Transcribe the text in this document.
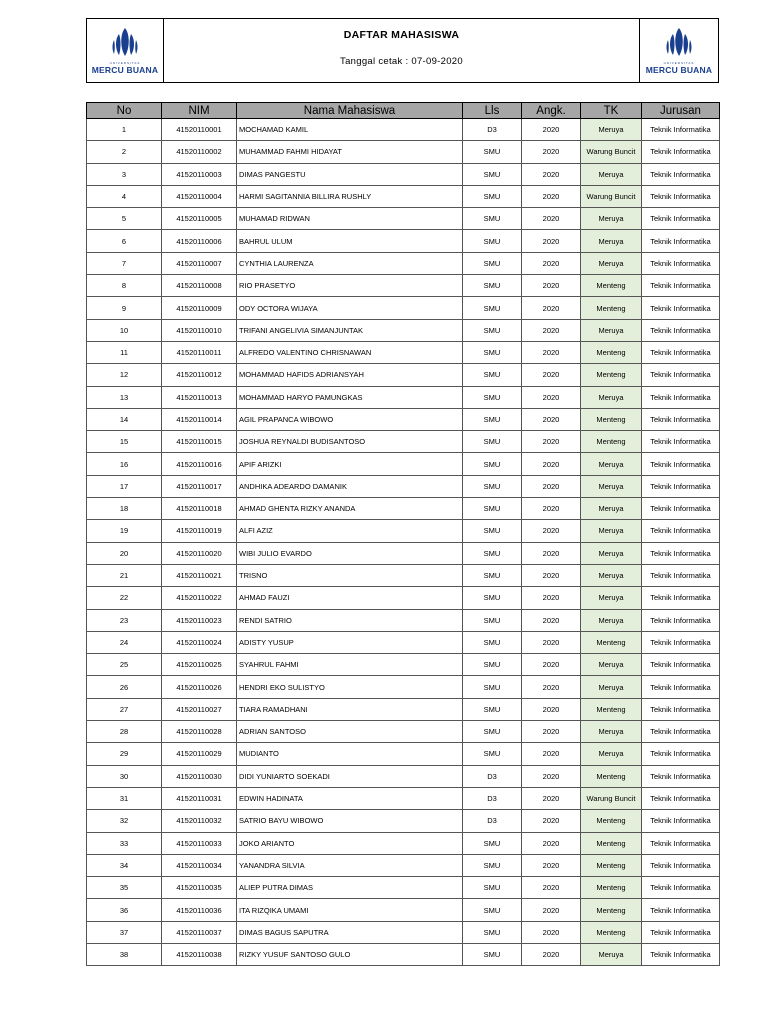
UNIVERSITAS
MERCU BUANA
DAFTAR MAHASISWA
Tanggal cetak : 07-09-2020	UNIVERSITAS
MERCU BUANA
No	NIM	Nama Mahasiswa	Lls	Angk.	TK	Jurusan
1	41520110001	MOCHAMAD KAMIL	D3	2020	Meruya	Teknik Informatika
2	41520110002	MUHAMMAD FAHMI HIDAYAT	SMU	2020	Warung Buncit	Teknik Informatika
3	41520110003	DIMAS PANGESTU	SMU	2020	Meruya	Teknik Informatika
4	41520110004	HARMI SAGITANNIA BILLIRA RUSHLY	SMU	2020	Warung Buncit	Teknik Informatika
5	41520110005	MUHAMAD RIDWAN	SMU	2020	Meruya	Teknik Informatika
6	41520110006	BAHRUL ULUM	SMU	2020	Meruya	Teknik Informatika
7	41520110007	CYNTHIA LAURENZA	SMU	2020	Meruya	Teknik Informatika
8	41520110008	RIO PRASETYO	SMU	2020	Menteng	Teknik Informatika
9	41520110009	ODY OCTORA WIJAYA	SMU	2020	Menteng	Teknik Informatika
10	41520110010	TRIFANI ANGELIVIA SIMANJUNTAK	SMU	2020	Meruya	Teknik Informatika
11	41520110011	ALFREDO VALENTINO CHRISNAWAN	SMU	2020	Menteng	Teknik Informatika
12	41520110012	MOHAMMAD HAFIDS ADRIANSYAH	SMU	2020	Menteng	Teknik Informatika
13	41520110013	MOHAMMAD HARYO PAMUNGKAS	SMU	2020	Meruya	Teknik Informatika
14	41520110014	AGIL PRAPANCA WIBOWO	SMU	2020	Menteng	Teknik Informatika
15	41520110015	JOSHUA REYNALDI BUDISANTOSO	SMU	2020	Menteng	Teknik Informatika
16	41520110016	APIF ARIZKI	SMU	2020	Meruya	Teknik Informatika
17	41520110017	ANDHIKA ADEARDO DAMANIK	SMU	2020	Meruya	Teknik Informatika
18	41520110018	AHMAD GHENTA RIZKY ANANDA	SMU	2020	Meruya	Teknik Informatika
19	41520110019	ALFI AZIZ	SMU	2020	Meruya	Teknik Informatika
20	41520110020	WIBI JULIO EVARDO	SMU	2020	Meruya	Teknik Informatika
21	41520110021	TRISNO	SMU	2020	Meruya	Teknik Informatika
22	41520110022	AHMAD FAUZI	SMU	2020	Meruya	Teknik Informatika
23	41520110023	RENDI SATRIO	SMU	2020	Meruya	Teknik Informatika
24	41520110024	ADISTY YUSUP	SMU	2020	Menteng	Teknik Informatika
25	41520110025	SYAHRUL FAHMI	SMU	2020	Meruya	Teknik Informatika
26	41520110026	HENDRI EKO SULISTYO	SMU	2020	Meruya	Teknik Informatika
27	41520110027	TIARA RAMADHANI	SMU	2020	Menteng	Teknik Informatika
28	41520110028	ADRIAN SANTOSO	SMU	2020	Meruya	Teknik Informatika
29	41520110029	MUDIANTO	SMU	2020	Meruya	Teknik Informatika
30	41520110030	DIDI YUNIARTO SOEKADI	D3	2020	Menteng	Teknik Informatika
31	41520110031	EDWIN HADINATA	D3	2020	Warung Buncit	Teknik Informatika
32	41520110032	SATRIO BAYU WIBOWO	D3	2020	Menteng	Teknik Informatika
33	41520110033	JOKO ARIANTO	SMU	2020	Menteng	Teknik Informatika
34	41520110034	YANANDRA SILVIA	SMU	2020	Menteng	Teknik Informatika
35	41520110035	ALIEP PUTRA DIMAS	SMU	2020	Menteng	Teknik Informatika
36	41520110036	ITA RIZQIKA UMAMI	SMU	2020	Menteng	Teknik Informatika
37	41520110037	DIMAS BAGUS SAPUTRA	SMU	2020	Menteng	Teknik Informatika
38	41520110038	RIZKY YUSUF SANTOSO GULO	SMU	2020	Meruya	Teknik Informatika
